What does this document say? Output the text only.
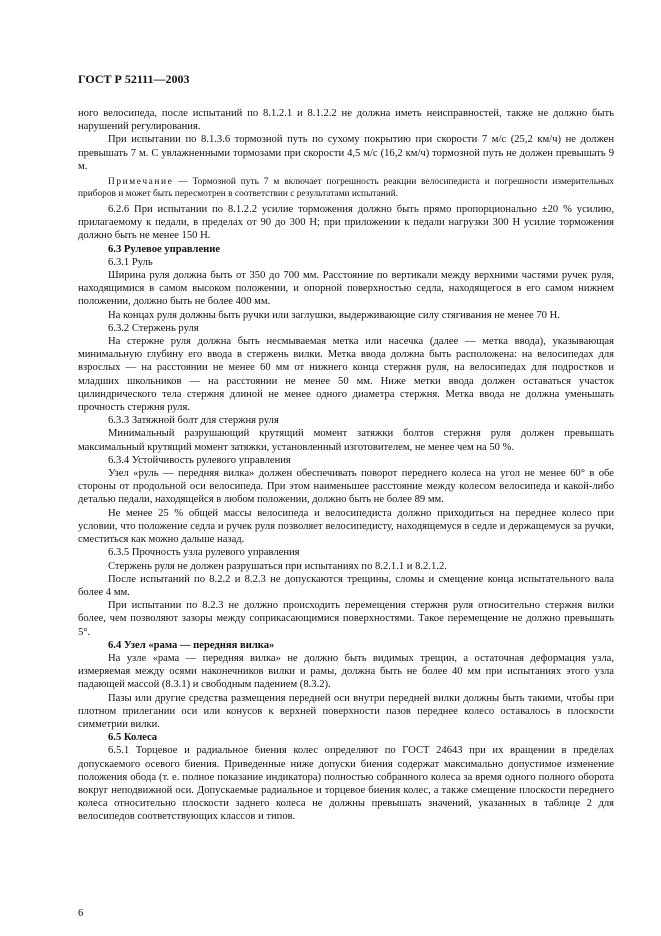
ГОСТ Р 52111—2003

ного велосипеда, после испытаний по 8.1.2.1 и 8.1.2.2 не должна иметь неисправностей, также не должно быть нарушений регулирования.

При испытании по 8.1.3.6 тормозной путь по сухому покрытию при скорости 7 м/с (25,2 км/ч) не должен превышать 7 м. С увлажненными тормозами при скорости 4,5 м/с (16,2 км/ч) тормозной путь не должен превышать 9 м.

Примечание — Тормозной путь 7 м включает погрешность реакции велосипедиста и погрешности измерительных приборов и может быть пересмотрен в соответствии с результатами испытаний.

6.2.6 При испытании по 8.1.2.2 усилие торможения должно быть прямо пропорционально ±20 % усилию, прилагаемому к педали, в пределах от 90 до 300 Н; при приложении к педали нагрузки 300 Н усилие торможения должно быть не менее 150 Н.

6.3 Рулевое управление

6.3.1 Руль

Ширина руля должна быть от 350 до 700 мм. Расстояние по вертикали между верхними частями ручек руля, находящимися в самом высоком положении, и опорной поверхностью седла, находящегося в его самом нижнем положении, должно быть не более 400 мм.

На концах руля должны быть ручки или заглушки, выдерживающие силу стягивания не менее 70 Н.

6.3.2 Стержень руля

На стержне руля должна быть несмываемая метка или насечка (далее — метка ввода), указывающая минимальную глубину его ввода в стержень вилки. Метка ввода должна быть расположена: на велосипедах для взрослых — на расстоянии не менее 60 мм от нижнего конца стержня руля, на велосипедах для подростков и младших школьников — на расстоянии не менее 50 мм. Ниже метки ввода должен оставаться участок цилиндрического тела стержня длиной не менее одного диаметра стержня. Метка ввода не должна уменьшать прочность стержня руля.

6.3.3 Затяжной болт для стержня руля

Минимальный разрушающий крутящий момент затяжки болтов стержня руля должен превышать максимальный крутящий момент затяжки, установленный изготовителем, не менее чем на 50 %.

6.3.4 Устойчивость рулевого управления

Узел «руль — передняя вилка» должен обеспечивать поворот переднего колеса на угол не менее 60° в обе стороны от продольной оси велосипеда. При этом наименьшее расстояние между колесом велосипеда и какой-либо деталью педали, находящейся в любом положении, должно быть не более 89 мм.

Не менее 25 % общей массы велосипеда и велосипедиста должно приходиться на переднее колесо при условии, что положение седла и ручек руля позволяет велосипедисту, находящемуся в седле и держащемуся за ручки, сместиться как можно дальше назад.

6.3.5 Прочность узла рулевого управления

Стержень руля не должен разрушаться при испытаниях по 8.2.1.1 и 8.2.1.2.

После испытаний по 8.2.2 и 8.2.3 не допускаются трещины, сломы и смещение конца испытательного вала более 4 мм.

При испытании по 8.2.3 не должно происходить перемещения стержня руля относительно стержня вилки более, чем позволяют зазоры между соприкасающимися поверхностями. Такое перемещение не должно превышать 5°.

6.4 Узел «рама — передняя вилка»

На узле «рама — передняя вилка» не должно быть видимых трещин, а остаточная деформация узла, измеряемая между осями наконечников вилки и рамы, должна быть не более 40 мм при испытаниях этого узла падающей массой (8.3.1) и свободным падением (8.3.2).

Пазы или другие средства размещения передней оси внутри передней вилки должны быть такими, чтобы при плотном прилегании оси или конусов к верхней поверхности пазов переднее колесо оставалось в плоскости симметрии вилки.

6.5 Колеса

6.5.1 Торцевое и радиальное биения колес определяют по ГОСТ 24643 при их вращении в пределах допускаемого осевого биения. Приведенные ниже допуски биения содержат максимально допустимое изменение положения обода (т. е. полное показание индикатора) полностью собранного колеса за время одного полного оборота вокруг неподвижной оси. Допускаемые радиальное и торцевое биения колес, а также смещение плоскости переднего колеса относительно плоскости заднего колеса не должны превышать значений, указанных в таблице 2 для велосипедов соответствующих классов и типов.

6
